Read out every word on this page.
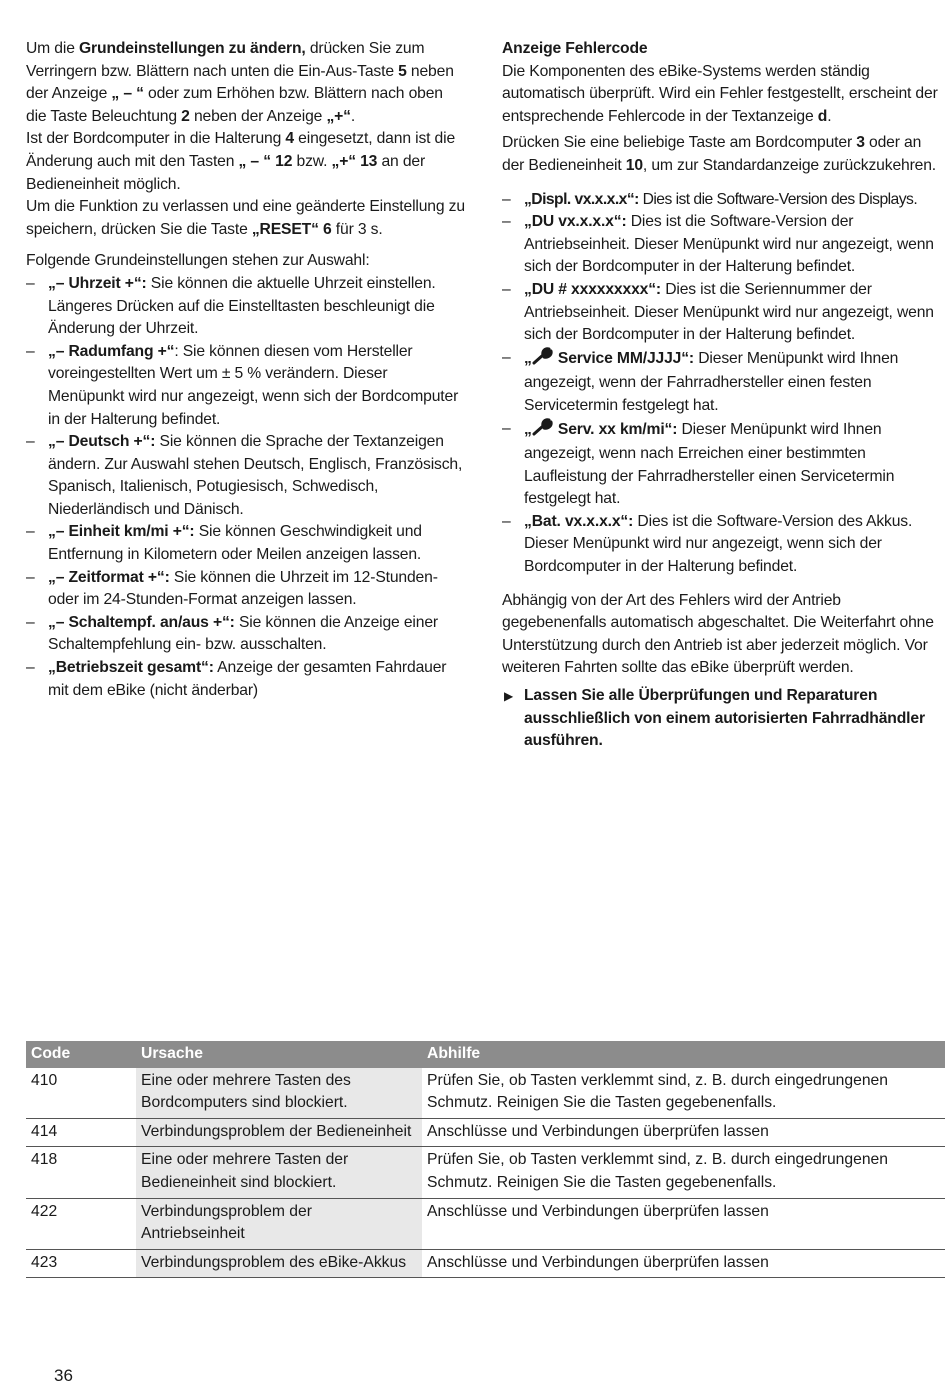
Um die Grundeinstellungen zu ändern, drücken Sie zum Verringern bzw. Blättern nach unten die Ein-Aus-Taste 5 neben der Anzeige „ – “ oder zum Erhöhen bzw. Blättern nach oben die Taste Beleuchtung 2 neben der Anzeige „+“.

Ist der Bordcomputer in die Halterung 4 eingesetzt, dann ist die Änderung auch mit den Tasten „ – “ 12 bzw. „+“ 13 an der Bedieneinheit möglich.

Um die Funktion zu verlassen und eine geänderte Einstellung zu speichern, drücken Sie die Taste „RESET“ 6 für 3 s.

Folgende Grundeinstellungen stehen zur Auswahl:

– „– Uhrzeit +“: Sie können die aktuelle Uhrzeit einstellen. Längeres Drücken auf die Einstelltasten beschleunigt die Änderung der Uhrzeit.
– „– Radumfang +“: Sie können diesen vom Hersteller voreingestellten Wert um ± 5 % verändern. Dieser Menüpunkt wird nur angezeigt, wenn sich der Bordcomputer in der Halterung befindet.
– „– Deutsch +“: Sie können die Sprache der Textanzeigen ändern. Zur Auswahl stehen Deutsch, Englisch, Französisch, Spanisch, Italienisch, Potugiesisch, Schwedisch, Niederländisch und Dänisch.
– „– Einheit km/mi +“: Sie können Geschwindigkeit und Entfernung in Kilometern oder Meilen anzeigen lassen.
– „– Zeitformat +“: Sie können die Uhrzeit im 12-Stunden- oder im 24-Stunden-Format anzeigen lassen.
– „– Schaltempf. an/aus +“: Sie können die Anzeige einer Schaltempfehlung ein- bzw. ausschalten.
– „Betriebszeit gesamt“: Anzeige der gesamten Fahrdauer mit dem eBike (nicht änderbar)
Anzeige Fehlercode

Die Komponenten des eBike-Systems werden ständig automatisch überprüft. Wird ein Fehler festgestellt, erscheint der entsprechende Fehlercode in der Textanzeige d.

Drücken Sie eine beliebige Taste am Bordcomputer 3 oder an der Bedieneinheit 10, um zur Standardanzeige zurückzukehren.

– „Displ. vx.x.x.x“: Dies ist die Software-Version des Displays.
– „DU vx.x.x.x“: Dies ist die Software-Version der Antriebseinheit. Dieser Menüpunkt wird nur angezeigt, wenn sich der Bordcomputer in der Halterung befindet.
– „DU # xxxxxxxxx“: Dies ist die Seriennummer der Antriebseinheit. Dieser Menüpunkt wird nur angezeigt, wenn sich der Bordcomputer in der Halterung befindet.
– „ Service MM/JJJJ“: Dieser Menüpunkt wird Ihnen angezeigt, wenn der Fahrradhersteller einen festen Servicetermin festgelegt hat.
– „ Serv. xx km/mi“: Dieser Menüpunkt wird Ihnen angezeigt, wenn nach Erreichen einer bestimmten Laufleistung der Fahrradhersteller einen Servicetermin festgelegt hat.
– „Bat. vx.x.x.x“: Dies ist die Software-Version des Akkus. Dieser Menüpunkt wird nur angezeigt, wenn sich der Bordcomputer in der Halterung befindet.

Abhängig von der Art des Fehlers wird der Antrieb gegebenenfalls automatisch abgeschaltet. Die Weiterfahrt ohne Unterstützung durch den Antrieb ist aber jederzeit möglich. Vor weiteren Fahrten sollte das eBike überprüft werden.

▶ Lassen Sie alle Überprüfungen und Reparaturen ausschließlich von einem autorisierten Fahrradhändler ausführen.
Code	Ursache	Abhilfe
410	Eine oder mehrere Tasten des Bordcomputers sind blockiert.	Prüfen Sie, ob Tasten verklemmt sind, z. B. durch eingedrungenen Schmutz. Reinigen Sie die Tasten gegebenenfalls.
414	Verbindungsproblem der Bedieneinheit	Anschlüsse und Verbindungen überprüfen lassen
418	Eine oder mehrere Tasten der Bedieneinheit sind blockiert.	Prüfen Sie, ob Tasten verklemmt sind, z. B. durch eingedrungenen Schmutz. Reinigen Sie die Tasten gegebenenfalls.
422	Verbindungsproblem der Antriebseinheit	Anschlüsse und Verbindungen überprüfen lassen
423	Verbindungsproblem des eBike-Akkus	Anschlüsse und Verbindungen überprüfen lassen
36
